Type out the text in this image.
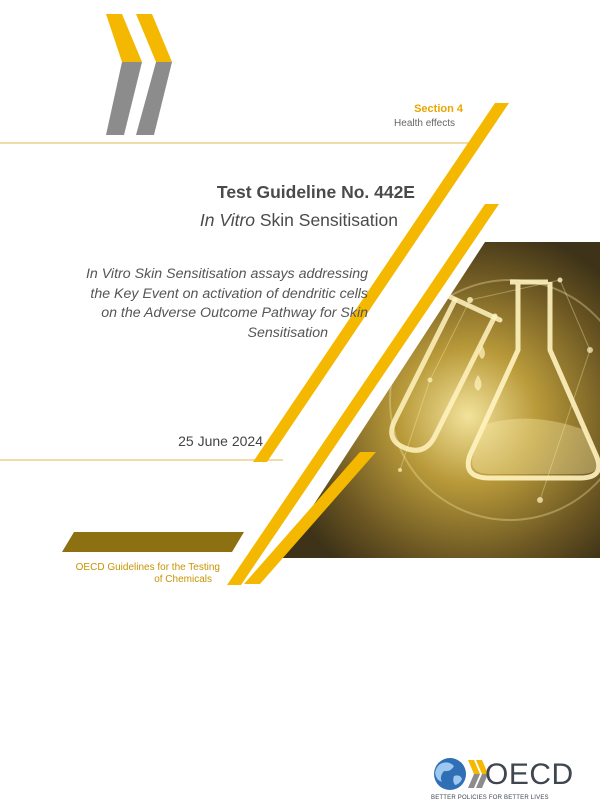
Section 4
Health effects
Test Guideline No. 442E
In Vitro Skin Sensitisation
In Vitro Skin Sensitisation assays addressing
the Key Event on activation of dendritic cells
on the Adverse Outcome Pathway for Skin
Sensitisation
25 June 2024
OECD Guidelines for the Testing
of Chemicals
OECD
BETTER POLICIES FOR BETTER LIVES
